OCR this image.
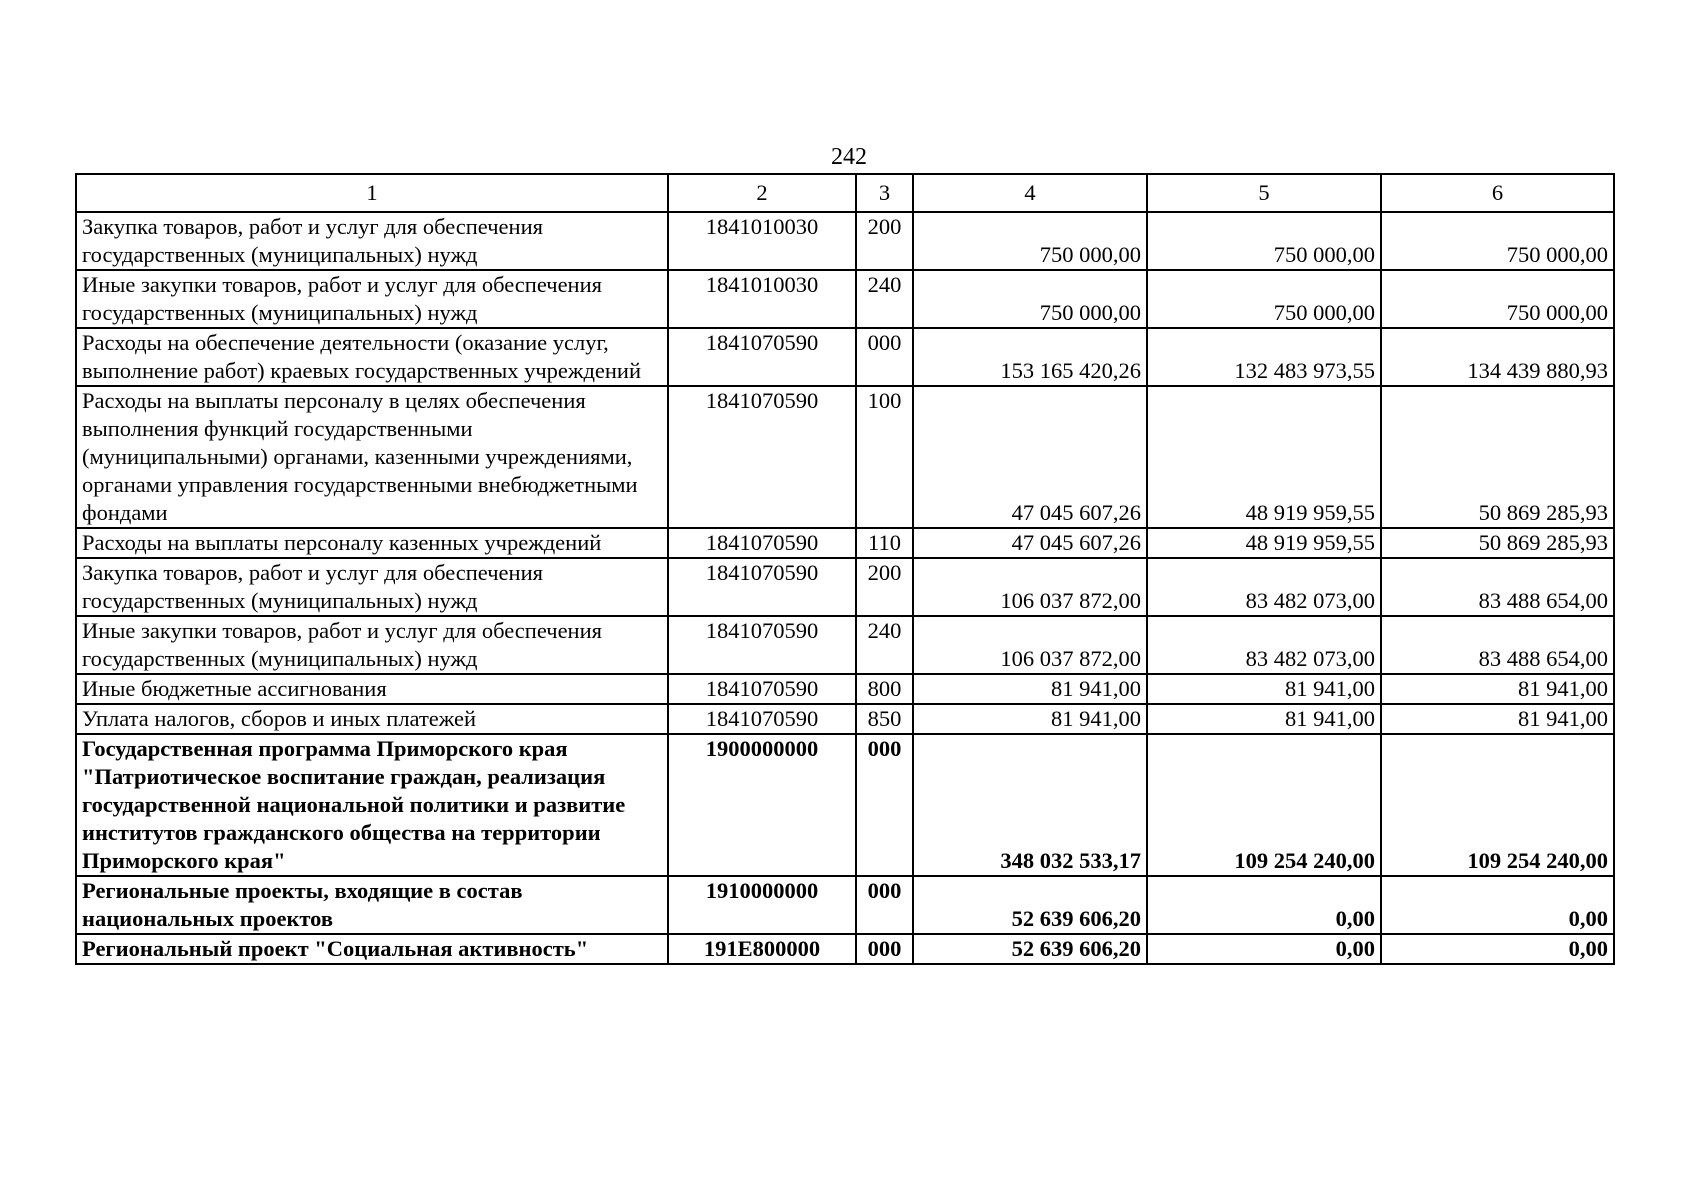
242
1	2	3	4	5	6
Закупка товаров, работ и услуг для обеспечения государственных (муниципальных) нужд	1841010030	200	750 000,00	750 000,00	750 000,00
Иные закупки товаров, работ и услуг для обеспечения государственных (муниципальных) нужд	1841010030	240	750 000,00	750 000,00	750 000,00
Расходы на обеспечение деятельности (оказание услуг, выполнение работ) краевых государственных учреждений	1841070590	000	153 165 420,26	132 483 973,55	134 439 880,93
Расходы на выплаты персоналу в целях обеспечения выполнения функций государственными (муниципальными) органами, казенными учреждениями, органами управления государственными внебюджетными фондами	1841070590	100	47 045 607,26	48 919 959,55	50 869 285,93
Расходы на выплаты персоналу казенных учреждений	1841070590	110	47 045 607,26	48 919 959,55	50 869 285,93
Закупка товаров, работ и услуг для обеспечения государственных (муниципальных) нужд	1841070590	200	106 037 872,00	83 482 073,00	83 488 654,00
Иные закупки товаров, работ и услуг для обеспечения государственных (муниципальных) нужд	1841070590	240	106 037 872,00	83 482 073,00	83 488 654,00
Иные бюджетные ассигнования	1841070590	800	81 941,00	81 941,00	81 941,00
Уплата налогов, сборов и иных платежей	1841070590	850	81 941,00	81 941,00	81 941,00
Государственная программа Приморского края "Патриотическое воспитание граждан, реализация государственной национальной политики и развитие институтов гражданского общества на территории Приморского края"	1900000000	000	348 032 533,17	109 254 240,00	109 254 240,00
Региональные проекты, входящие в состав национальных проектов	1910000000	000	52 639 606,20	0,00	0,00
Региональный проект "Социальная активность"	191E800000	000	52 639 606,20	0,00	0,00
